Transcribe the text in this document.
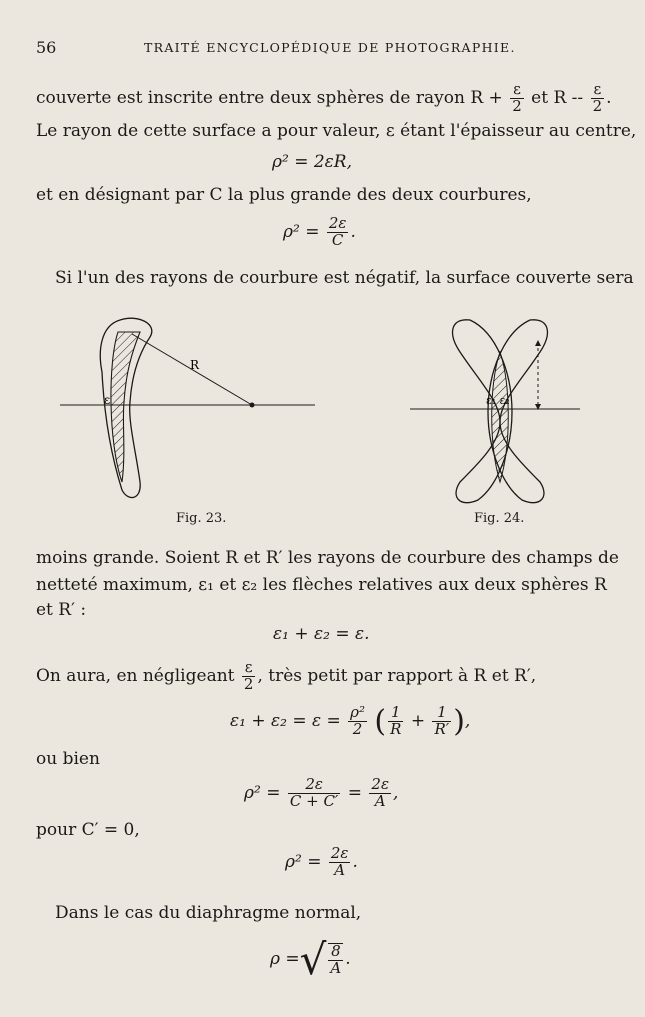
56	TRAITÉ ENCYCLOPÉDIQUE DE PHOTOGRAPHIE.
couverte est inscrite entre deux sphères de rayon $R + \frac{\varepsilon}{2}$ et R -- $\frac{\varepsilon}{2}$ .
Le rayon de cette surface a pour valeur, ε étant l'épaisseur au centre,
ρ² = 2εR,
et en désignant par C la plus grande des deux courbures,
$\rho^2 = \frac{2\varepsilon}{C}$ .
Si l'un des rayons de courbure est négatif, la surface couverte sera
R
ε
Fig. 23.
ε₁ ε₂
Fig. 24.
moins grande. Soient R et R′ les rayons de courbure des champs de
netteté maximum, ε₁ et ε₂ les flèches relatives aux deux sphères R
et R′ :
ε₁ + ε₂ = ε.
On aura, en négligeant $\frac{\varepsilon}{2}$ , très petit par rapport à R et R′,
$\varepsilon_1 + \varepsilon_2 = \varepsilon = \frac{\text{ρ²}}{2}$ ( $\frac{1}{R} + \frac{1}{R'}$ ),
ou bien
$\rho^2 = \frac{2\varepsilon}{C + C'} = \frac{2\varepsilon}{A}$ ,
pour C′ = 0,
$\rho^2 = \frac{2\varepsilon}{A}$ .
Dans le cas du diaphragme normal,
ρ =√ $\frac{8}{A}$ .
